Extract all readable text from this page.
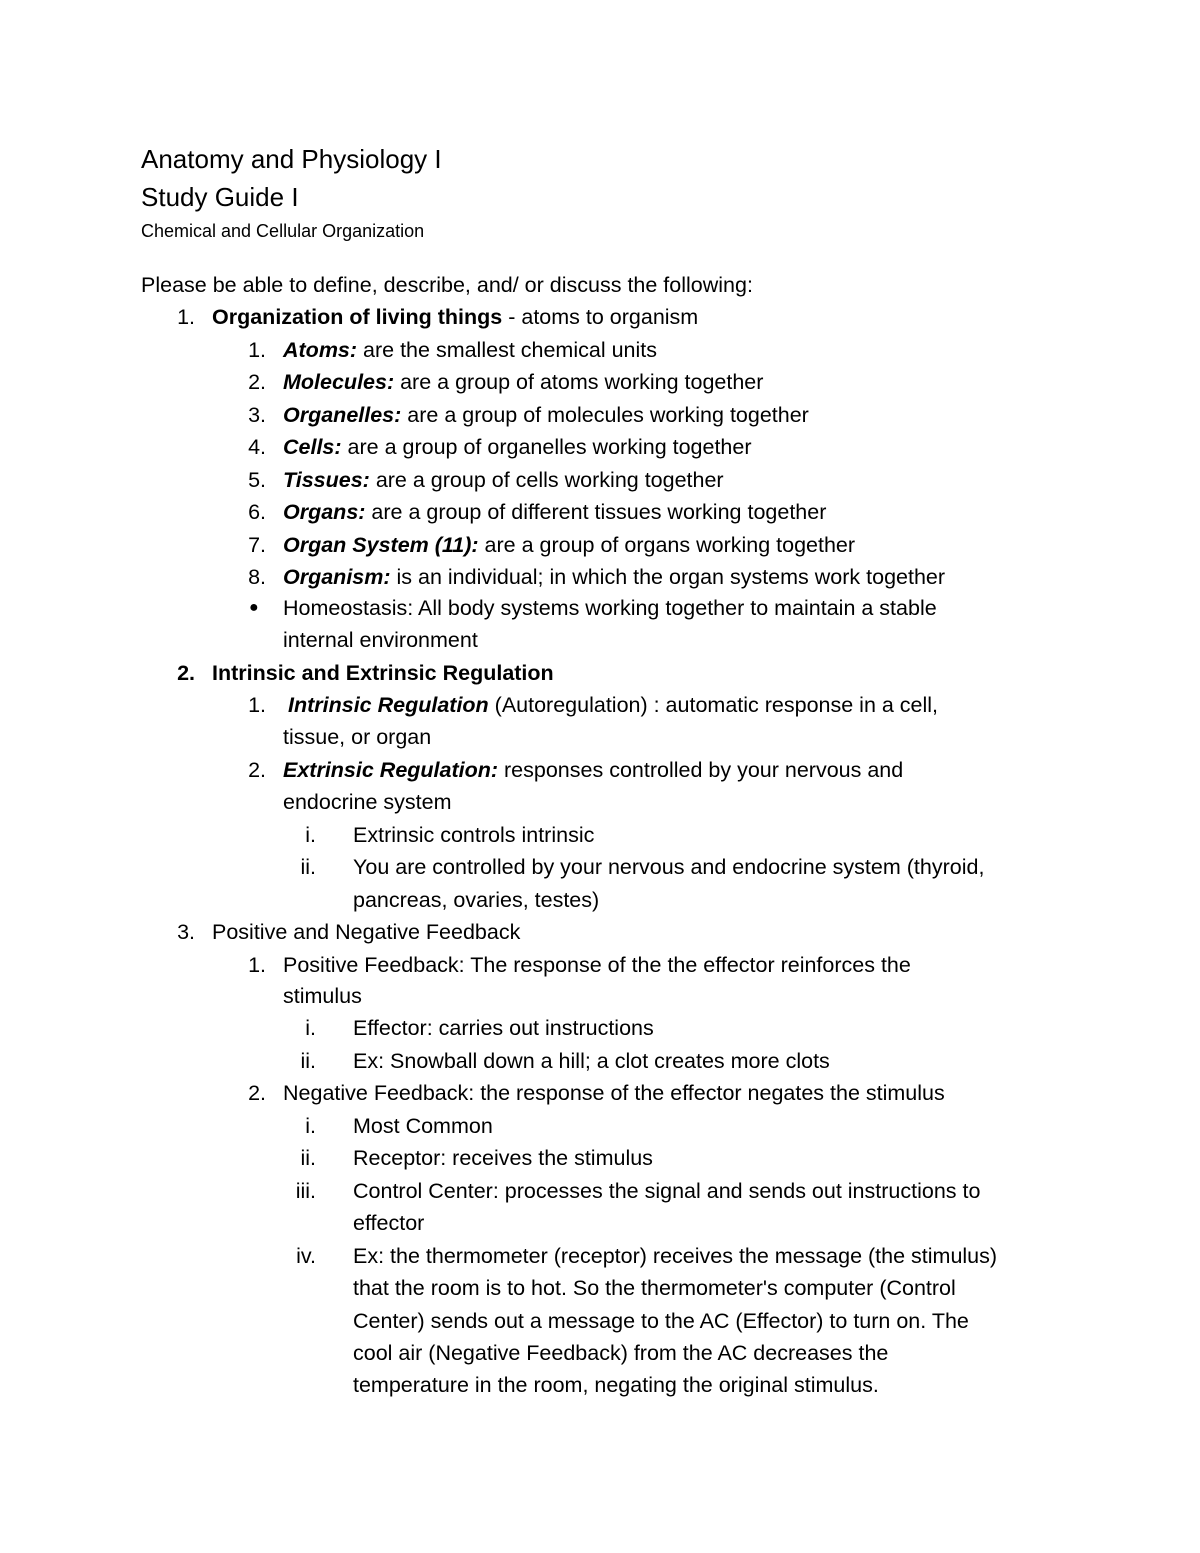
Anatomy and Physiology I
Study Guide I
Chemical and Cellular Organization
Please be able to define, describe, and/ or discuss the following:
1. Organization of living things - atoms to organism
1. Atoms: are the smallest chemical units
2. Molecules: are a group of atoms working together
3. Organelles: are a group of molecules working together
4. Cells: are a group of organelles working together
5. Tissues: are a group of cells working together
6. Organs: are a group of different tissues working together
7. Organ System (11): are a group of organs working together
8. Organism: is an individual; in which the organ systems work together
●	Homeostasis: All body systems working together to maintain a stable
internal environment
2. Intrinsic and Extrinsic Regulation
1. Intrinsic Regulation (Autoregulation) : automatic response in a cell,
tissue, or organ
2. Extrinsic Regulation: responses controlled by your nervous and
endocrine system
i. Extrinsic controls intrinsic
ii. You are controlled by your nervous and endocrine system (thyroid,
pancreas, ovaries, testes)
3. Positive and Negative Feedback
1. Positive Feedback: The response of the the effector reinforces the
stimulus
i. Effector: carries out instructions
ii. Ex: Snowball down a hill; a clot creates more clots
2. Negative Feedback: the response of the effector negates the stimulus
i. Most Common
ii. Receptor: receives the stimulus
iii. Control Center: processes the signal and sends out instructions to
effector
iv. Ex: the thermometer (receptor) receives the message (the stimulus)
that the room is to hot. So the thermometer's computer (Control
Center) sends out a message to the AC (Effector) to turn on. The
cool air (Negative Feedback) from the AC decreases the
temperature in the room, negating the original stimulus.
